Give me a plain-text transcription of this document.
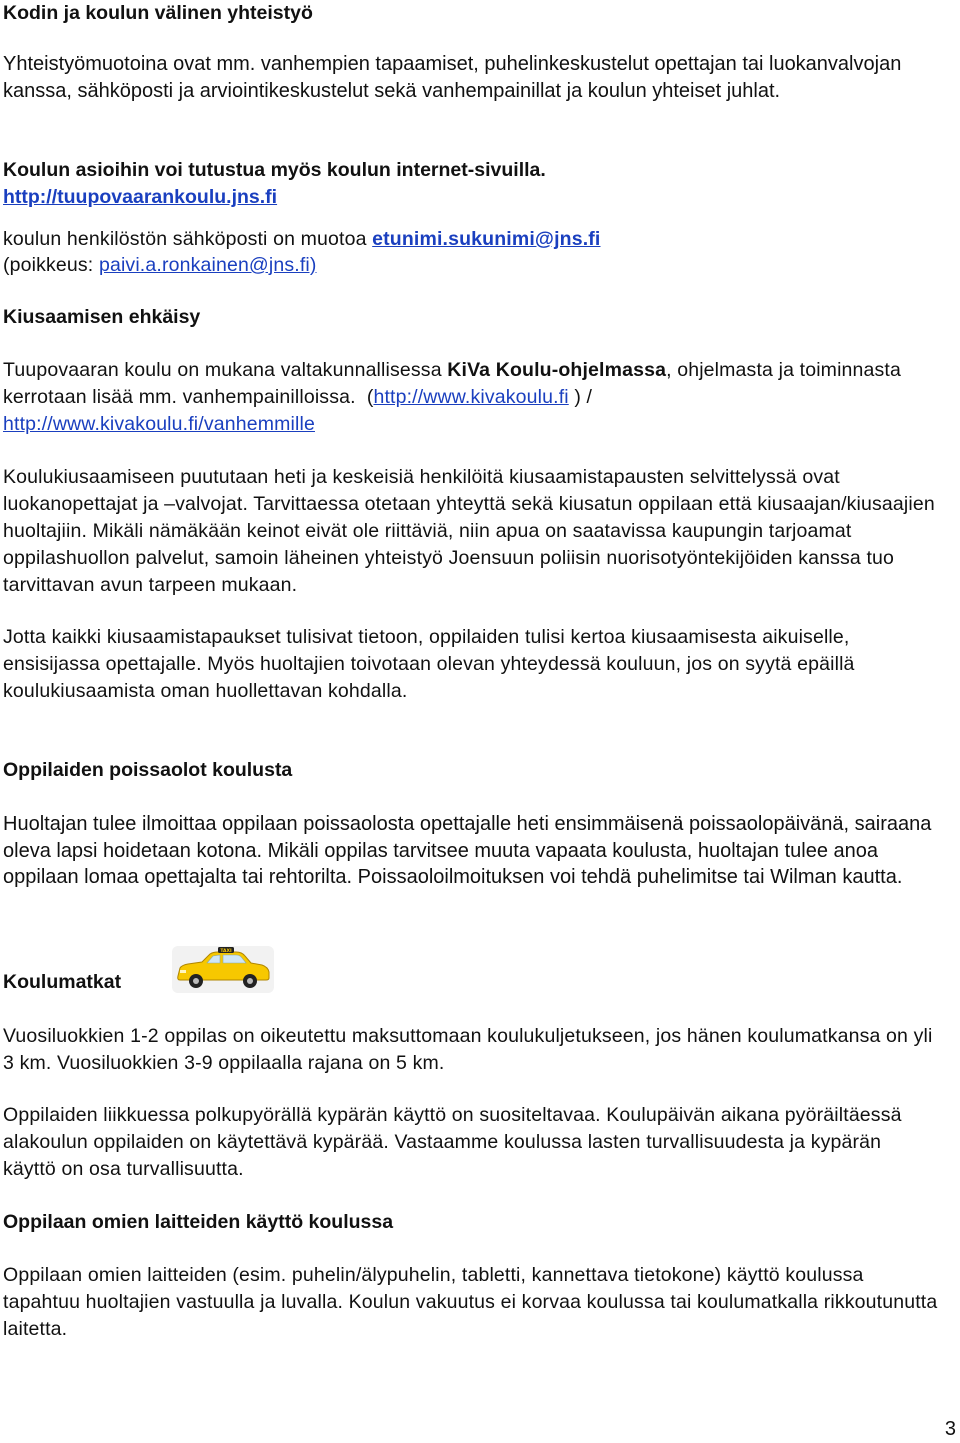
Kodin ja koulun välinen yhteistyö

Yhteistyömuotoina ovat mm. vanhempien tapaamiset, puhelinkeskustelut opettajan tai luokanvalvojan kanssa, sähköposti ja arviointikeskustelut sekä vanhempainillat ja koulun yhteiset juhlat.

Koulun asioihin voi tutustua myös koulun internet-sivuilla.
http://tuupovaarankoulu.jns.fi
koulun henkilöstön sähköposti on muotoa etunimi.sukunimi@jns.fi
(poikkeus: paivi.a.ronkainen@jns.fi)
Kiusaamisen ehkäisy

Tuupovaaran koulu on mukana valtakunnallisessa KiVa Koulu-ohjelmassa, ohjelmasta ja toiminnasta kerrotaan lisää mm. vanhempainilloissa. (http://www.kivakoulu.fi ) /
http://www.kivakoulu.fi/vanhemmille

Koulukiusaamiseen puututaan heti ja keskeisiä henkilöitä kiusaamistapausten selvittelyssä ovat luokanopettajat ja –valvojat. Tarvittaessa otetaan yhteyttä sekä kiusatun oppilaan että kiusaajan/kiusaajien huoltajiin. Mikäli nämäkään keinot eivät ole riittäviä, niin apua on saatavissa kaupungin tarjoamat oppilashuollon palvelut, samoin läheinen yhteistyö Joensuun poliisin nuorisotyöntekijöiden kanssa tuo tarvittavan avun tarpeen mukaan.

Jotta kaikki kiusaamistapaukset tulisivat tietoon, oppilaiden tulisi kertoa kiusaamisesta aikuiselle, ensisijassa opettajalle. Myös huoltajien toivotaan olevan yhteydessä kouluun, jos on syytä epäillä koulukiusaamista oman huollettavan kohdalla.

Oppilaiden poissaolot koulusta

Huoltajan tulee ilmoittaa oppilaan poissaolosta opettajalle heti ensimmäisenä poissaolopäivänä, sairaana oleva lapsi hoidetaan kotona. Mikäli oppilas tarvitsee muuta vapaata koulusta, huoltajan tulee anoa oppilaan lomaa opettajalta tai rehtorilta. Poissaoloilmoituksen voi tehdä puhelimitse tai Wilman kautta.

Koulumatkat
TAXI

Vuosiluokkien 1-2 oppilas on oikeutettu maksuttomaan koulukuljetukseen, jos hänen koulumatkansa on yli 3 km. Vuosiluokkien 3-9 oppilaalla rajana on 5 km.

Oppilaiden liikkuessa polkupyörällä kypärän käyttö on suositeltavaa. Koulupäivän aikana pyöräiltäessä alakoulun oppilaiden on käytettävä kypärää. Vastaamme koulussa lasten turvallisuudesta ja kypärän käyttö on osa turvallisuutta.

Oppilaan omien laitteiden käyttö koulussa

Oppilaan omien laitteiden (esim. puhelin/älypuhelin, tabletti, kannettava tietokone) käyttö koulussa tapahtuu huoltajien vastuulla ja luvalla. Koulun vakuutus ei korvaa koulussa tai koulumatkalla rikkoutunutta laitetta.

3
